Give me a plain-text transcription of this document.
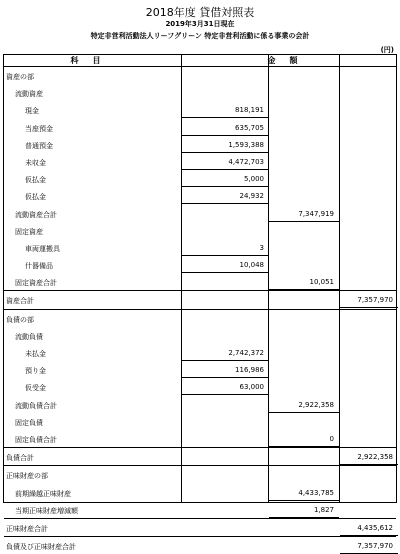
2018年度 貸借対照表
2019年3月31日現在
特定非営利活動法人リーフグリーン 特定非営利活動に係る事業の会計
(円)
科目	金額
資産の部
流動資産
現金	818,191
当座預金	635,705
普通預金	1,593,388
未収金	4,472,703
仮払金	5,000
仮払金	24,932
流動資産合計	7,347,919
固定資産
車両運搬具	3
什器備品	10,048
固定資産合計	10,051
資産合計	7,357,970
負債の部
流動負債
未払金	2,742,372
預り金	116,986
仮受金	63,000
流動負債合計	2,922,358
固定負債
固定負債合計	0
負債合計	2,922,358
正味財産の部
前期繰越正味財産	4,433,785
当期正味財産増減額	1,827
正味財産合計	4,435,612
負債及び正味財産合計	7,357,970
